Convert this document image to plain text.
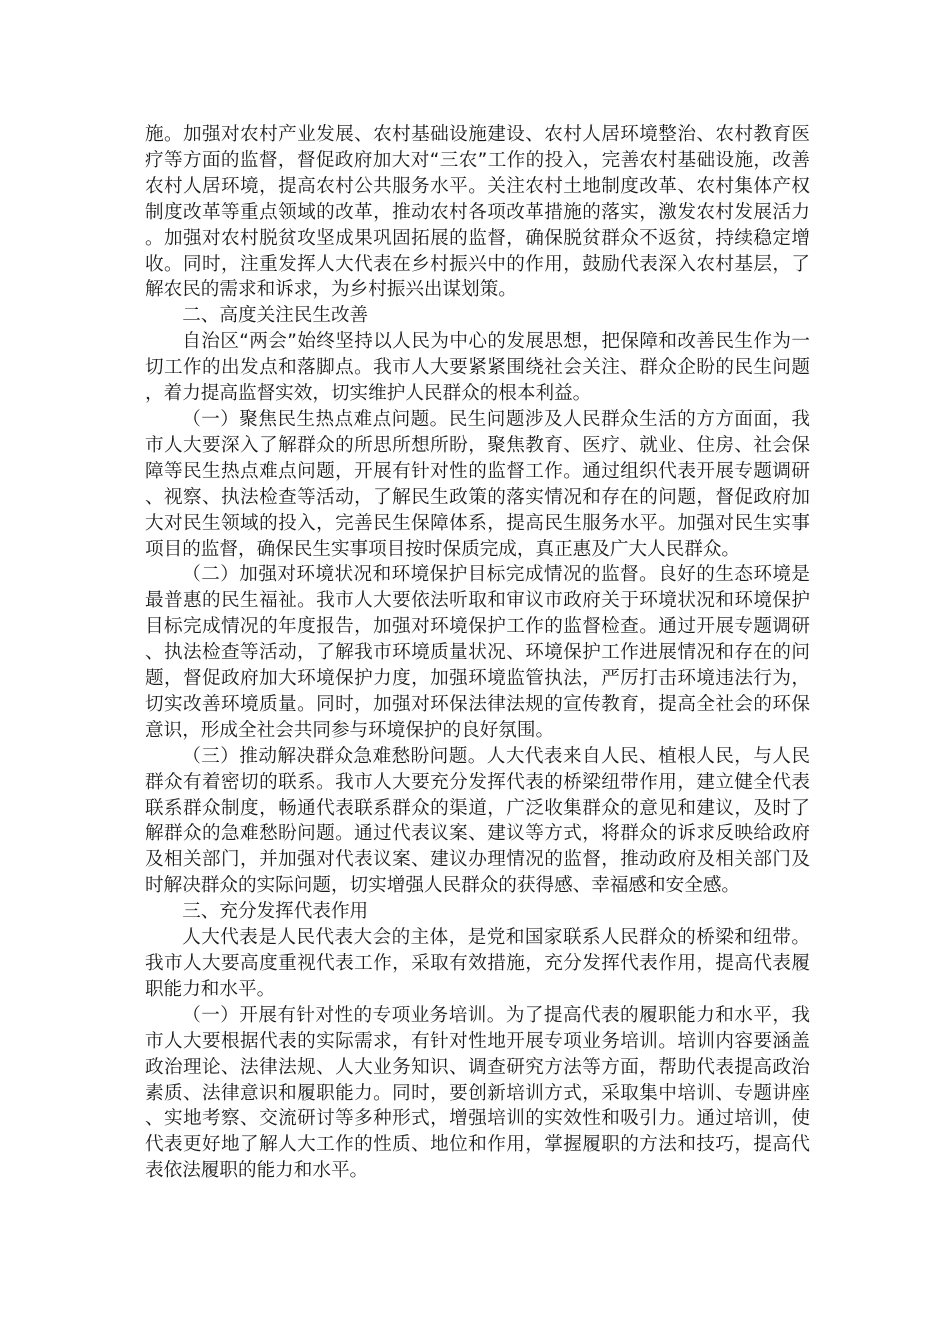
施。加强对农村产业发展、农村基础设施建设、农村人居环境整治、农村教育医疗等方面的监督，督促政府加大对“三农”工作的投入，完善农村基础设施，改善农村人居环境，提高农村公共服务水平。关注农村土地制度改革、农村集体产权制度改革等重点领域的改革，推动农村各项改革措施的落实，激发农村发展活力。加强对农村脱贫攻坚成果巩固拓展的监督，确保脱贫群众不返贫，持续稳定增收。同时，注重发挥人大代表在乡村振兴中的作用，鼓励代表深入农村基层，了解农民的需求和诉求，为乡村振兴出谋划策。

二、高度关注民生改善

自治区“两会”始终坚持以人民为中心的发展思想，把保障和改善民生作为一切工作的出发点和落脚点。我市人大要紧紧围绕社会关注、群众企盼的民生问题，着力提高监督实效，切实维护人民群众的根本利益。

（一）聚焦民生热点难点问题。民生问题涉及人民群众生活的方方面面，我市人大要深入了解群众的所思所想所盼，聚焦教育、医疗、就业、住房、社会保障等民生热点难点问题，开展有针对性的监督工作。通过组织代表开展专题调研、视察、执法检查等活动，了解民生政策的落实情况和存在的问题，督促政府加大对民生领域的投入，完善民生保障体系，提高民生服务水平。加强对民生实事项目的监督，确保民生实事项目按时保质完成，真正惠及广大人民群众。

（二）加强对环境状况和环境保护目标完成情况的监督。良好的生态环境是最普惠的民生福祉。我市人大要依法听取和审议市政府关于环境状况和环境保护目标完成情况的年度报告，加强对环境保护工作的监督检查。通过开展专题调研、执法检查等活动，了解我市环境质量状况、环境保护工作进展情况和存在的问题，督促政府加大环境保护力度，加强环境监管执法，严厉打击环境违法行为，切实改善环境质量。同时，加强对环保法律法规的宣传教育，提高全社会的环保意识，形成全社会共同参与环境保护的良好氛围。

（三）推动解决群众急难愁盼问题。人大代表来自人民、植根人民，与人民群众有着密切的联系。我市人大要充分发挥代表的桥梁纽带作用，建立健全代表联系群众制度，畅通代表联系群众的渠道，广泛收集群众的意见和建议，及时了解群众的急难愁盼问题。通过代表议案、建议等方式，将群众的诉求反映给政府及相关部门，并加强对代表议案、建议办理情况的监督，推动政府及相关部门及时解决群众的实际问题，切实增强人民群众的获得感、幸福感和安全感。

三、充分发挥代表作用

人大代表是人民代表大会的主体，是党和国家联系人民群众的桥梁和纽带。我市人大要高度重视代表工作，采取有效措施，充分发挥代表作用，提高代表履职能力和水平。

（一）开展有针对性的专项业务培训。为了提高代表的履职能力和水平，我市人大要根据代表的实际需求，有针对性地开展专项业务培训。培训内容要涵盖政治理论、法律法规、人大业务知识、调查研究方法等方面，帮助代表提高政治素质、法律意识和履职能力。同时，要创新培训方式，采取集中培训、专题讲座、实地考察、交流研讨等多种形式，增强培训的实效性和吸引力。通过培训，使代表更好地了解人大工作的性质、地位和作用，掌握履职的方法和技巧，提高代表依法履职的能力和水平。
